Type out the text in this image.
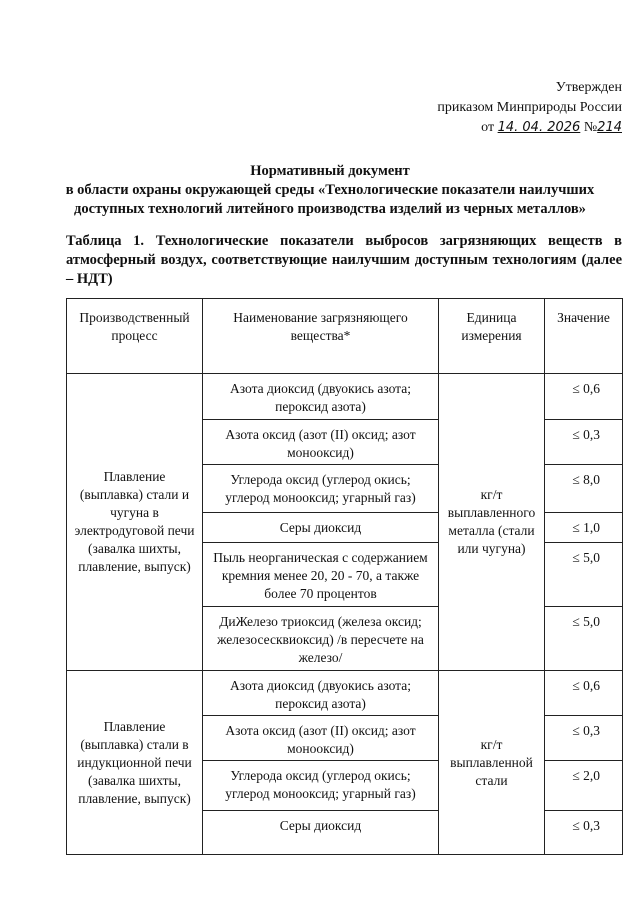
Утвержден
приказом Минприроды России
от 14. 04. 2026 №214
Нормативный документ
в области охраны окружающей среды «Технологические показатели наилучших доступных технологий литейного производства изделий из черных металлов»
Таблица 1. Технологические показатели выбросов загрязняющих веществ в атмосферный воздух, соответствующие наилучшим доступным технологиям (далее – НДТ)
Производственный процесс	Наименование загрязняющего вещества*	Единица измерения	Значение
Плавление (выплавка) стали и чугуна в электродуговой печи (завалка шихты, плавление, выпуск)	Азота диоксид (двуокись азота; пероксид азота)	кг/т выплавленного металла (стали или чугуна)	≤ 0,6
	Азота оксид (азот (II) оксид; азот монооксид)		≤ 0,3
	Углерода оксид (углерод окись; углерод монооксид; угарный газ)		≤ 8,0
	Серы диоксид		≤ 1,0
	Пыль неорганическая с содержанием кремния менее 20, 20 - 70, а также более 70 процентов		≤ 5,0
	ДиЖелезо триоксид (железа оксид; железосесквиоксид) /в пересчете на железо/		≤ 5,0
Плавление (выплавка) стали в индукционной печи (завалка шихты, плавление, выпуск)	Азота диоксид (двуокись азота; пероксид азота)	кг/т выплавленной стали	≤ 0,6
	Азота оксид (азот (II) оксид; азот монооксид)		≤ 0,3
	Углерода оксид (углерод окись; углерод монооксид; угарный газ)		≤ 2,0
	Серы диоксид		≤ 0,3
